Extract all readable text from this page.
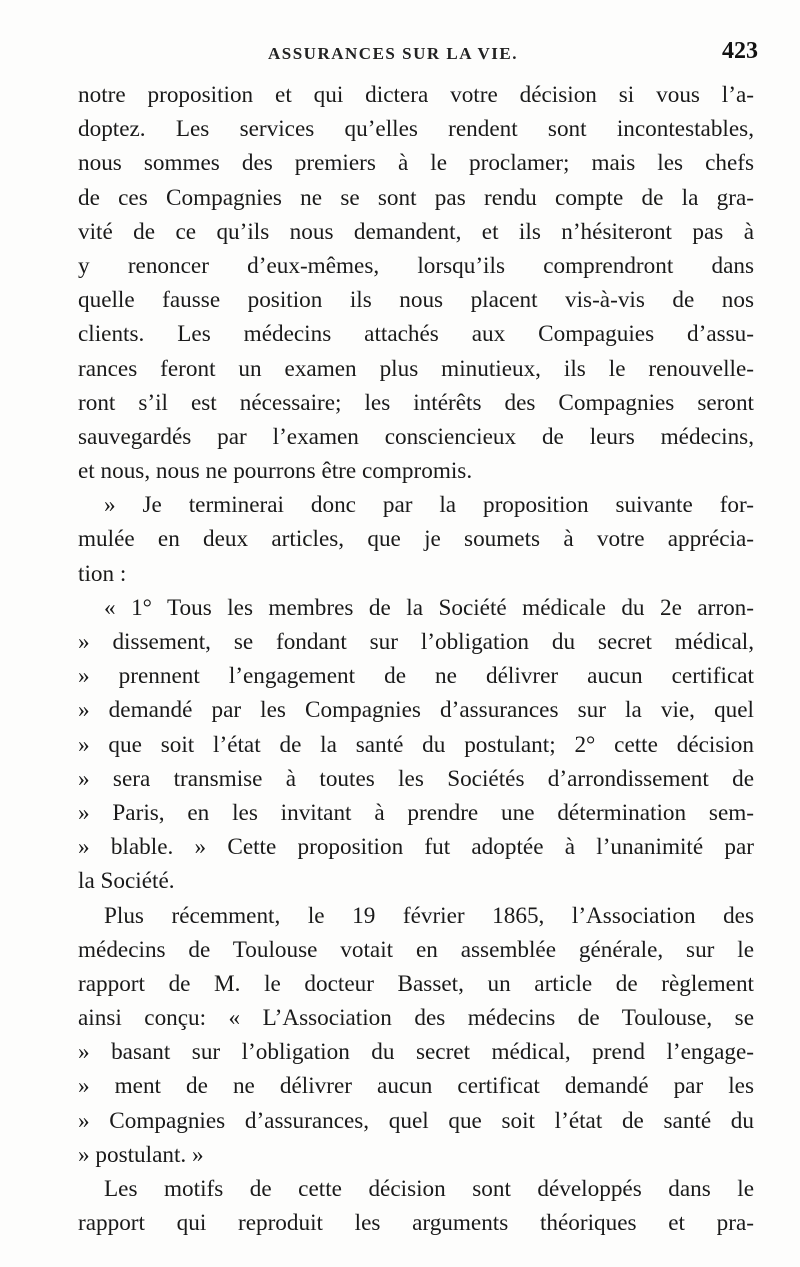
ASSURANCES SUR LA VIE.	423
notre proposition et qui dictera votre décision si vous l’a-
doptez. Les services qu’elles rendent sont incontestables,
nous sommes des premiers à le proclamer; mais les chefs
de ces Compagnies ne se sont pas rendu compte de la gra-
vité de ce qu’ils nous demandent, et ils n’hésiteront pas à
y renoncer d’eux-mêmes, lorsqu’ils comprendront dans
quelle fausse position ils nous placent vis-à-vis de nos
clients. Les médecins attachés aux Compaguies d’assu-
rances feront un examen plus minutieux, ils le renouvelle-
ront s’il est nécessaire; les intérêts des Compagnies seront
sauvegardés par l’examen consciencieux de leurs médecins,
et nous, nous ne pourrons être compromis.
» Je terminerai donc par la proposition suivante for-
mulée en deux articles, que je soumets à votre apprécia-
tion :
« 1° Tous les membres de la Société médicale du 2e arron-
» dissement, se fondant sur l’obligation du secret médical,
» prennent l’engagement de ne délivrer aucun certificat
» demandé par les Compagnies d’assurances sur la vie, quel
» que soit l’état de la santé du postulant; 2° cette décision
» sera transmise à toutes les Sociétés d’arrondissement de
» Paris, en les invitant à prendre une détermination sem-
» blable. » Cette proposition fut adoptée à l’unanimité par
la Société.
Plus récemment, le 19 février 1865, l’Association des
médecins de Toulouse votait en assemblée générale, sur le
rapport de M. le docteur Basset, un article de règlement
ainsi conçu: « L’Association des médecins de Toulouse, se
» basant sur l’obligation du secret médical, prend l’engage-
» ment de ne délivrer aucun certificat demandé par les
» Compagnies d’assurances, quel que soit l’état de santé du
» postulant. »
Les motifs de cette décision sont développés dans le
rapport qui reproduit les arguments théoriques et pra-
